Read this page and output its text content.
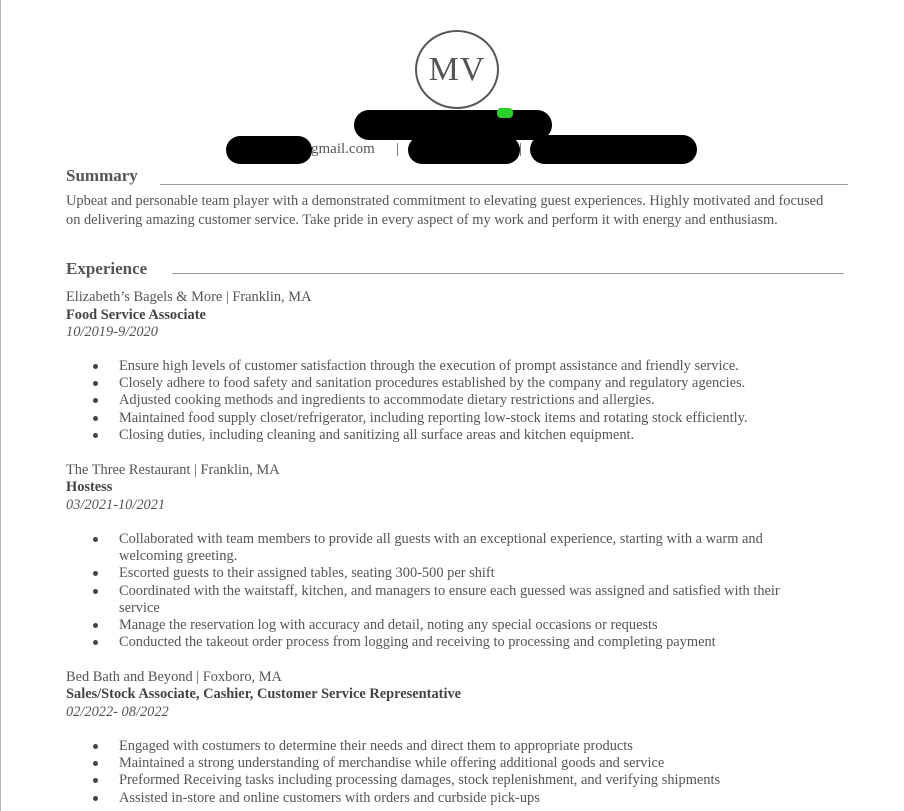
MV
gmail.com |	|
Summary

Upbeat and personable team player with a demonstrated commitment to elevating guest experiences. Highly motivated and focused on delivering amazing customer service. Take pride in every aspect of my work and perform it with energy and enthusiasm.

Experience
Elizabeth’s Bagels & More | Franklin, MA
Food Service Associate
10/2019-9/2020
Ensure high levels of customer satisfaction through the execution of prompt assistance and friendly service.
Closely adhere to food safety and sanitation procedures established by the company and regulatory agencies.
Adjusted cooking methods and ingredients to accommodate dietary restrictions and allergies.
Maintained food supply closet/refrigerator, including reporting low-stock items and rotating stock efficiently.
Closing duties, including cleaning and sanitizing all surface areas and kitchen equipment.
The Three Restaurant | Franklin, MA
Hostess
03/2021-10/2021
Collaborated with team members to provide all guests with an exceptional experience, starting with a warm and welcoming greeting.
Escorted guests to their assigned tables, seating 300-500 per shift
Coordinated with the waitstaff, kitchen, and managers to ensure each guessed was assigned and satisfied with their service
Manage the reservation log with accuracy and detail, noting any special occasions or requests
Conducted the takeout order process from logging and receiving to processing and completing payment
Bed Bath and Beyond | Foxboro, MA
Sales/Stock Associate, Cashier, Customer Service Representative
02/2022- 08/2022
Engaged with costumers to determine their needs and direct them to appropriate products
Maintained a strong understanding of merchandise while offering additional goods and service
Preformed Receiving tasks including processing damages, stock replenishment, and verifying shipments
Assisted in-store and online customers with orders and curbside pick-ups
